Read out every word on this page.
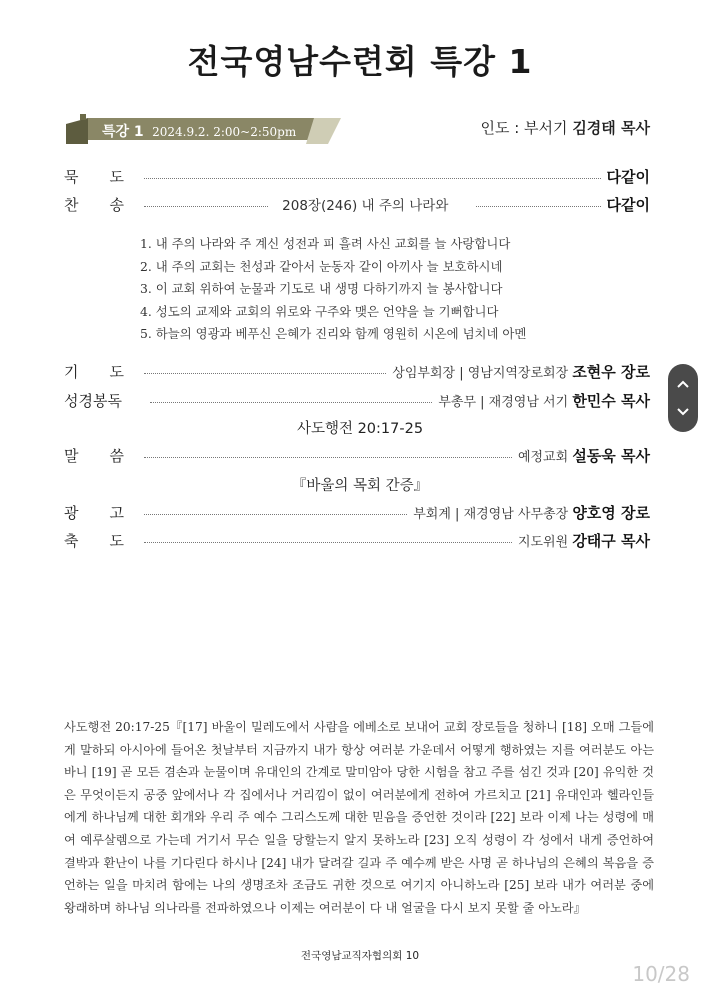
전국영남수련회 특강 1
특강 1 2024.9.2. 2:00~2:50pm	인도 : 부서기 김경태 목사
묵 도	다같이
찬 송	208장(246) 내 주의 나라와	다같이
1. 내 주의 나라와 주 계신 성전과 피 흘려 사신 교회를 늘 사랑합니다
2. 내 주의 교회는 천성과 같아서 눈동자 같이 아끼사 늘 보호하시네
3. 이 교회 위하여 눈물과 기도로 내 생명 다하기까지 늘 봉사합니다
4. 성도의 교제와 교회의 위로와 구주와 맺은 언약을 늘 기뻐합니다
5. 하늘의 영광과 베푸신 은혜가 진리와 함께 영원히 시온에 넘치네 아멘
기 도	상임부회장 | 영남지역장로회장 조현우 장로
성경봉독	부총무 | 재경영남 서기 한민수 목사
사도행전 20:17-25
말 씀	예정교회 설동욱 목사
『바울의 목회 간증』
광 고	부회계 | 재경영남 사무총장 양호영 장로
축 도	지도위원 강태구 목사
사도행전 20:17-25『[17] 바울이 밀레도에서 사람을 에베소로 보내어 교회 장로들을 청하니 [18] 오매 그들에게 말하되 아시아에 들어온 첫날부터 지금까지 내가 항상 여러분 가운데서 어떻게 행하였는 지를 여러분도 아는 바니 [19] 곧 모든 겸손과 눈물이며 유대인의 간계로 말미암아 당한 시험을 참고 주를 섬긴 것과 [20] 유익한 것은 무엇이든지 공중 앞에서나 각 집에서나 거리낌이 없이 여러분에게 전하여 가르치고 [21] 유대인과 헬라인들에게 하나님께 대한 회개와 우리 주 예수 그리스도께 대한 믿음을 증언한 것이라 [22] 보라 이제 나는 성령에 매여 예루살렘으로 가는데 거기서 무슨 일을 당할는지 알지 못하노라 [23] 오직 성령이 각 성에서 내게 증언하여 결박과 환난이 나를 기다린다 하시나 [24] 내가 달려갈 길과 주 예수께 받은 사명 곧 하나님의 은혜의 복음을 증언하는 일을 마치려 함에는 나의 생명조차 조금도 귀한 것으로 여기지 아니하노라 [25] 보라 내가 여러분 중에 왕래하며 하나님 의나라를 전파하였으나 이제는 여러분이 다 내 얼굴을 다시 보지 못할 줄 아노라』
전국영남교직자협의회 10
10/28
